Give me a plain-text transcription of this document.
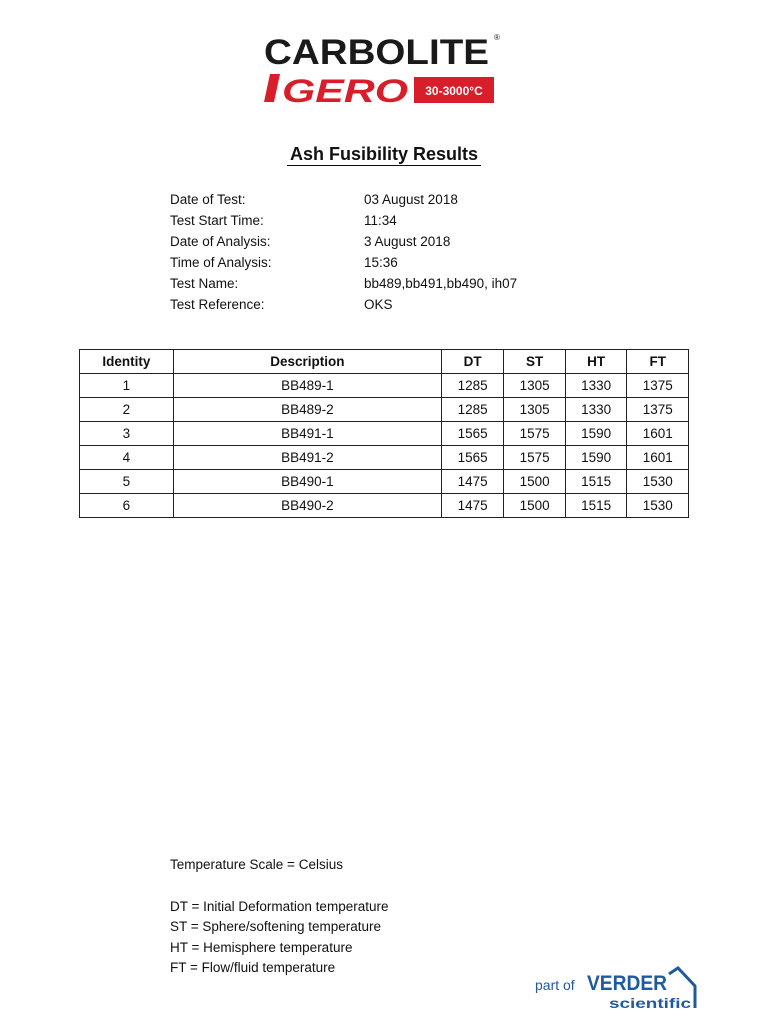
CARBOLITE ®
GERO 30-3000°C
Ash Fusibility Results
Date of Test:	03 August 2018
Test Start Time:	11:34
Date of Analysis:	3 August 2018
Time of Analysis:	15:36
Test Name:	bb489,bb491,bb490, ih07
Test Reference:	OKS
Identity	Description	DT	ST	HT	FT
1	BB489-1	1285	1305	1330	1375
2	BB489-2	1285	1305	1330	1375
3	BB491-1	1565	1575	1590	1601
4	BB491-2	1565	1575	1590	1601
5	BB490-1	1475	1500	1515	1530
6	BB490-2	1475	1500	1515	1530
Temperature Scale = Celsius
DT = Initial Deformation temperature
ST = Sphere/softening temperature
HT = Hemisphere temperature
FT = Flow/fluid temperature
part of VERDER
scientific
